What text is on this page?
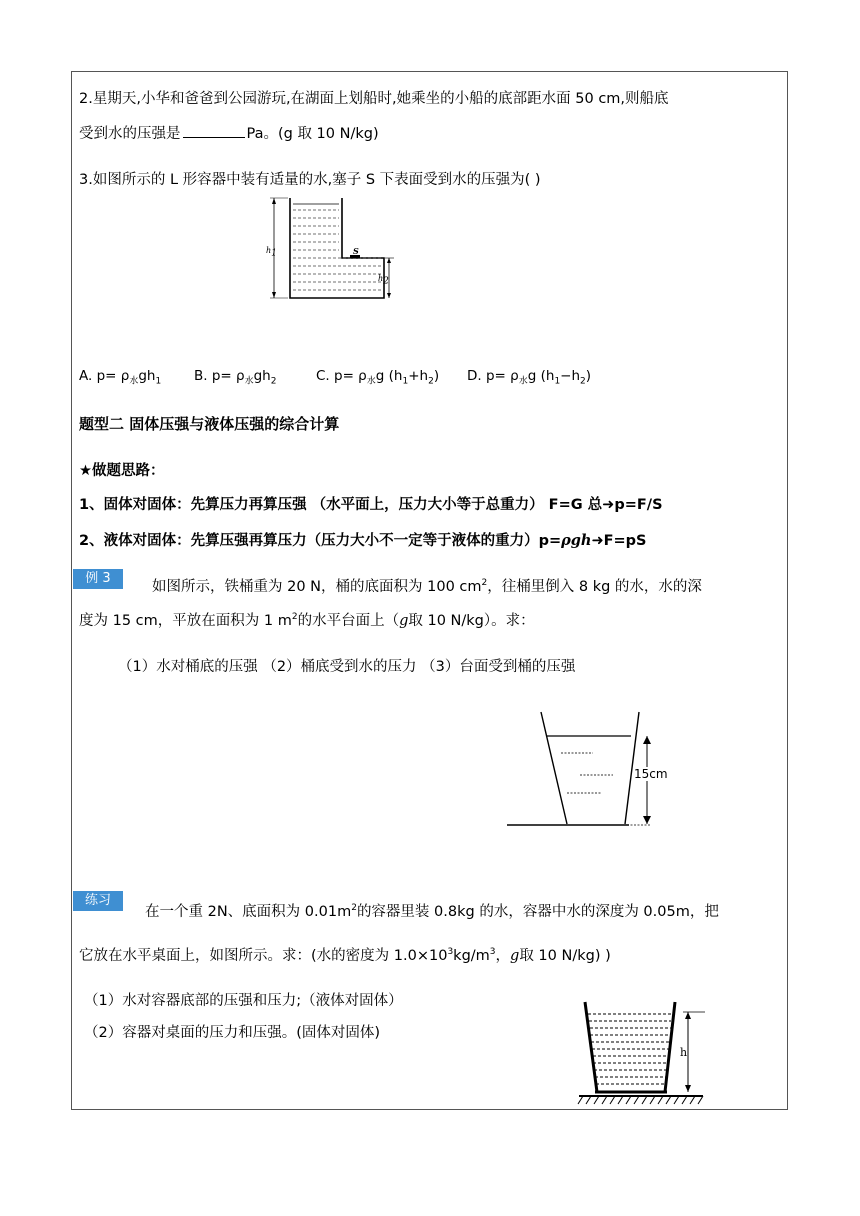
2.星期天,小华和爸爸到公园游玩,在湖面上划船时,她乘坐的小船的底部距水面 50 cm,则船底
受到水的压强是	Pa。(g 取 10 N/kg)
3.如图所示的 L 形容器中装有适量的水,塞子 S 下表面受到水的压强为( )
$h_1$	S
$h_2$
A. $p= \rho_水gh_1$ B. $p= \rho_水gh_2$	C. $p= \rho_水g$ $(h_1+h_2)$ D. $p= \rho_水g$ $(h_1-h_2)$
题型二 固体压强与液体压强的综合计算
★做题思路：
1、固体对固体：先算压力再算压强 （水平面上，压力大小等于总重力） F=G 总➜p=F/S
2、液体对固体：先算压强再算压力（压力大小不一定等于液体的重力）p=ρgh➜F=pS
例 3
如图所示，铁桶重为 20 N，桶的底面积为 100 $cm^2$，往桶里倒入 8 kg 的水，水的深
度为 15 cm，平放在面积为 1 $m^2$的水平台面上（g取 10 N/kg）。求：
（1）水对桶底的压强 （2）桶底受到水的压力 （3）台面受到桶的压强
15cm
练习
在一个重 2N、底面积为 $0.01m^2$的容器里装 0.8kg 的水，容器中水的深度为 0.05m，把
它放在水平桌面上，如图所示。求：(水的密度为 $1.0\times 10^3kg/m^3$，g取 10 N/kg) )
（1）水对容器底部的压强和压力;（液体对固体）
（2）容器对桌面的压力和压强。(固体对固体)
h
